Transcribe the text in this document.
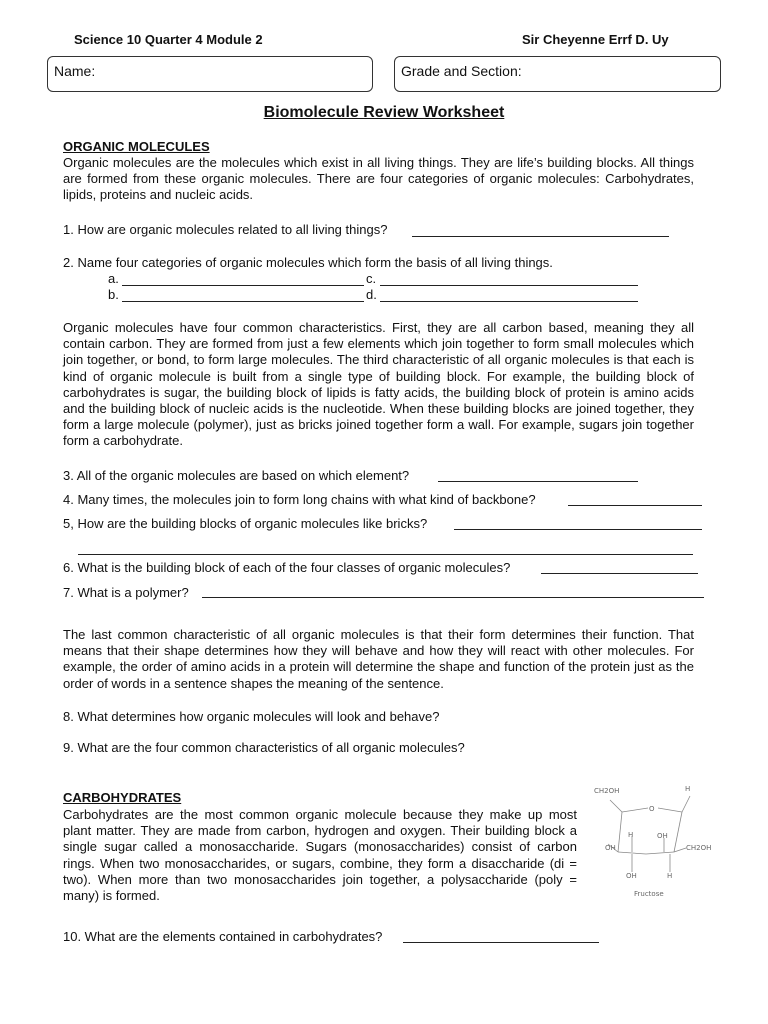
Science 10 Quarter 4 Module 2	Sir Cheyenne Errf D. Uy
Name:	Grade and Section:
Biomolecule Review Worksheet
ORGANIC MOLECULES
Organic molecules are the molecules which exist in all living things. They are life’s building blocks. All things are formed from these organic molecules. There are four categories of organic molecules: Carbohydrates, lipids, proteins and nucleic acids.
1. How are organic molecules related to all living things?
2. Name four categories of organic molecules which form the basis of all living things.
a.	c.
b.	d.
Organic molecules have four common characteristics. First, they are all carbon based, meaning they all contain carbon. They are formed from just a few elements which join together to form small molecules which join together, or bond, to form large molecules. The third characteristic of all organic molecules is that each is kind of organic molecule is built from a single type of building block. For example, the building block of carbohydrates is sugar, the building block of lipids is fatty acids, the building block of protein is amino acids and the building block of nucleic acids is the nucleotide. When these building blocks are joined together, they form a large molecule (polymer), just as bricks joined together form a wall. For example, sugars join together form a carbohydrate.
3. All of the organic molecules are based on which element?
4. Many times, the molecules join to form long chains with what kind of backbone?
5, How are the building blocks of organic molecules like bricks?
6. What is the building block of each of the four classes of organic molecules?
7. What is a polymer?
The last common characteristic of all organic molecules is that their form determines their function. That means that their shape determines how they will behave and how they will react with other molecules. For example, the order of amino acids in a protein will determine the shape and function of the protein just as the order of words in a sentence shapes the meaning of the sentence.
8. What determines how organic molecules will look and behave?
9. What are the four common characteristics of all organic molecules?
CARBOHYDRATES
Carbohydrates are the most common organic molecule because they make up most plant matter. They are made from carbon, hydrogen and oxygen. Their building block a single sugar called a monosaccharide. Sugars (monosaccharides) consist of carbon rings. When two monosaccharides, or sugars, combine, they form a disaccharide (di = two). When more than two monosaccharides join together, a polysaccharide (poly = many) is formed.
CH2OH	H
O
H	OH
OH	CH2OH
OH	H
Fructose
10. What are the elements contained in carbohydrates?
